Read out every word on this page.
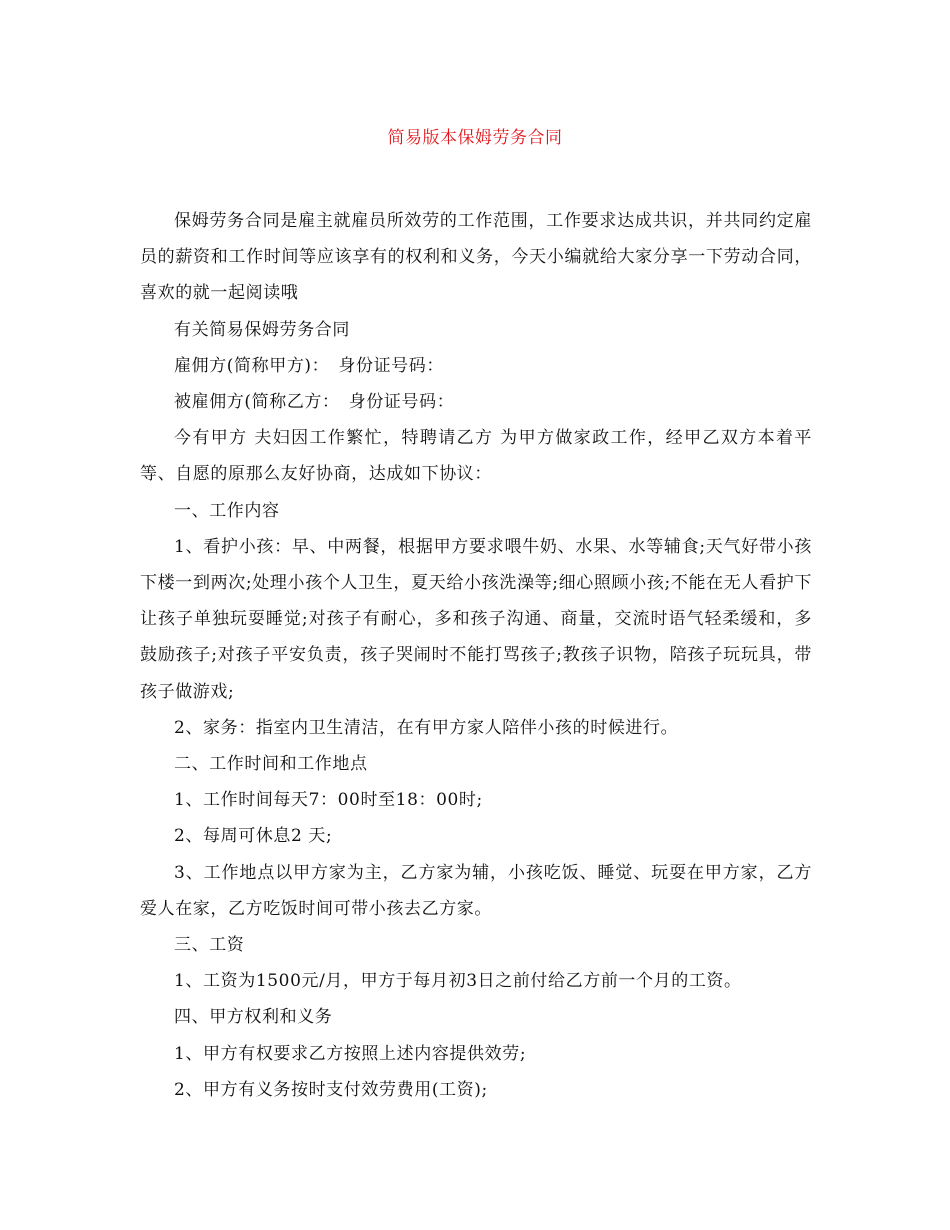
简易版本保姆劳务合同

保姆劳务合同是雇主就雇员所效劳的工作范围，工作要求达成共识，并共同约定雇员的薪资和工作时间等应该享有的权利和义务，今天小编就给大家分享一下劳动合同，喜欢的就一起阅读哦

有关简易保姆劳务合同

雇佣方(简称甲方)：　身份证号码：

被雇佣方(简称乙方：　身份证号码：

今有甲方 夫妇因工作繁忙，特聘请乙方 为甲方做家政工作，经甲乙双方本着平等、自愿的原那么友好协商，达成如下协议：

一、工作内容

1、看护小孩：早、中两餐，根据甲方要求喂牛奶、水果、水等辅食;天气好带小孩下楼一到两次;处理小孩个人卫生，夏天给小孩洗澡等;细心照顾小孩;不能在无人看护下让孩子单独玩耍睡觉;对孩子有耐心，多和孩子沟通、商量，交流时语气轻柔缓和，多鼓励孩子;对孩子平安负责，孩子哭闹时不能打骂孩子;教孩子识物，陪孩子玩玩具，带孩子做游戏;

2、家务：指室内卫生清洁，在有甲方家人陪伴小孩的时候进行。

二、工作时间和工作地点

1、工作时间每天7：00时至18：00时;

2、每周可休息2 天;

3、工作地点以甲方家为主，乙方家为辅，小孩吃饭、睡觉、玩耍在甲方家，乙方爱人在家，乙方吃饭时间可带小孩去乙方家。

三、工资

1、工资为1500元/月，甲方于每月初3日之前付给乙方前一个月的工资。

四、甲方权利和义务

1、甲方有权要求乙方按照上述内容提供效劳;

2、甲方有义务按时支付效劳费用(工资);
